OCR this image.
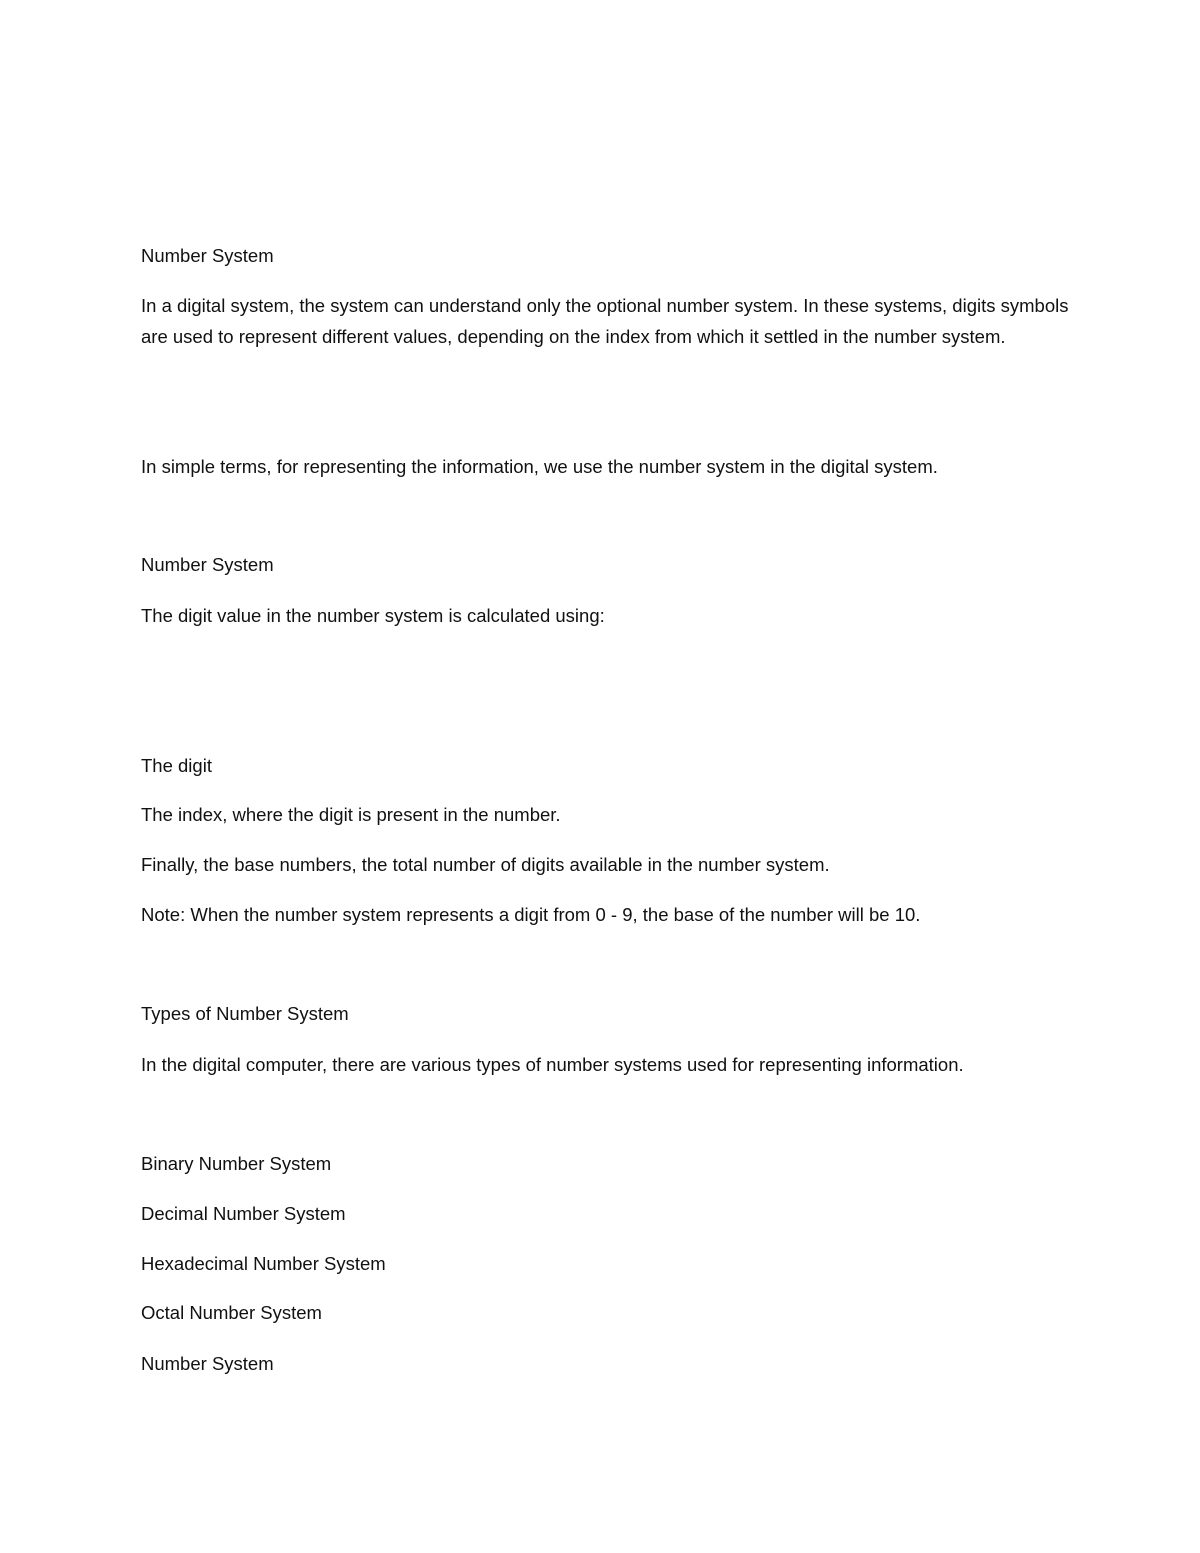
Number System

In a digital system, the system can understand only the optional number system. In these systems, digits symbols are used to represent different values, depending on the index from which it settled in the number system.

In simple terms, for representing the information, we use the number system in the digital system.

Number System

The digit value in the number system is calculated using:

The digit

The index, where the digit is present in the number.

Finally, the base numbers, the total number of digits available in the number system.

Note: When the number system represents a digit from 0 - 9, the base of the number will be 10.

Types of Number System

In the digital computer, there are various types of number systems used for representing information.

Binary Number System

Decimal Number System

Hexadecimal Number System

Octal Number System

Number System
